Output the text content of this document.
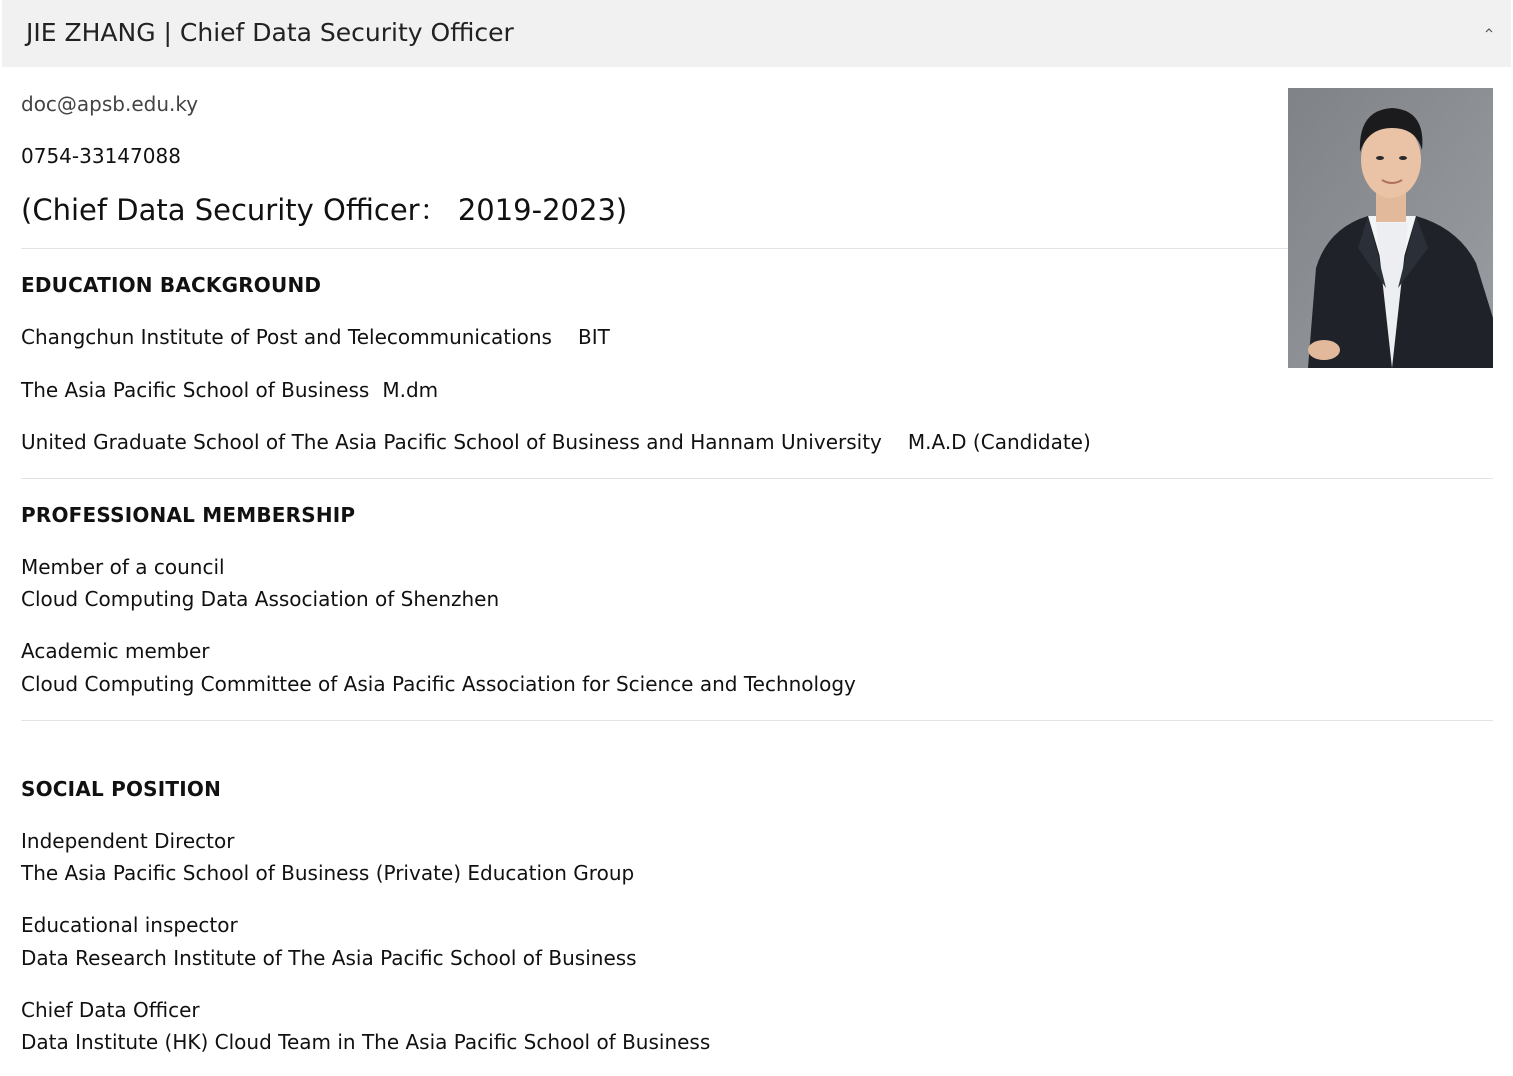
JIE ZHANG | Chief Data Security Officer
doc@apsb.edu.ky
0754-33147088
(Chief Data Security Officer： 2019-2023)
EDUCATION BACKGROUND
Changchun Institute of Post and Telecommunications BIT
The Asia Pacific School of Business M.dm
United Graduate School of The Asia Pacific School of Business and Hannam University M.A.D (Candidate)
PROFESSIONAL MEMBERSHIP
Member of a council
Cloud Computing Data Association of Shenzhen
Academic member
Cloud Computing Committee of Asia Pacific Association for Science and Technology
SOCIAL POSITION
Independent Director
The Asia Pacific School of Business (Private) Education Group
Educational inspector
Data Research Institute of The Asia Pacific School of Business
Chief Data Officer
Data Institute (HK) Cloud Team in The Asia Pacific School of Business
